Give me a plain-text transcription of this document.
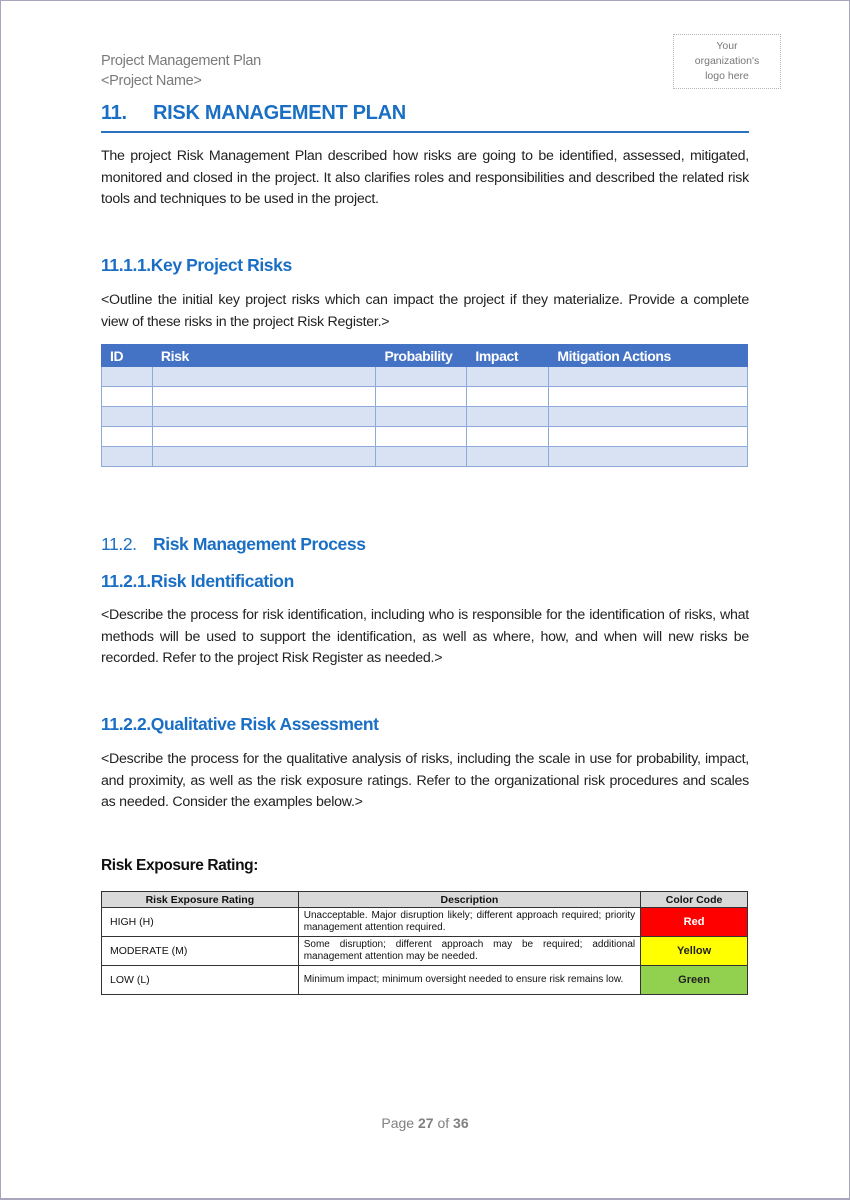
Project Management Plan
<Project Name>
Your
organization's
logo here
11. RISK MANAGEMENT PLAN
The project Risk Management Plan described how risks are going to be identified, assessed, mitigated, monitored and closed in the project. It also clarifies roles and responsibilities and described the related risk tools and techniques to be used in the project.
11.1.1.Key Project Risks
<Outline the initial key project risks which can impact the project if they materialize. Provide a complete view of these risks in the project Risk Register.>
ID	Risk	Probability	Impact	Mitigation Actions

11.2. Risk Management Process
11.2.1.Risk Identification
<Describe the process for risk identification, including who is responsible for the identification of risks, what methods will be used to support the identification, as well as where, how, and when will new risks be recorded. Refer to the project Risk Register as needed.>
11.2.2.Qualitative Risk Assessment
<Describe the process for the qualitative analysis of risks, including the scale in use for probability, impact, and proximity, as well as the risk exposure ratings. Refer to the organizational risk procedures and scales as needed. Consider the examples below.>
Risk Exposure Rating:
Risk Exposure Rating	Description	Color Code
HIGH (H)	Unacceptable. Major disruption likely; different approach required; priority management attention required.	Red
MODERATE (M)	Some disruption; different approach may be required; additional management attention may be needed.	Yellow
LOW (L)	Minimum impact; minimum oversight needed to ensure risk remains low.	Green
Page 27 of 36
